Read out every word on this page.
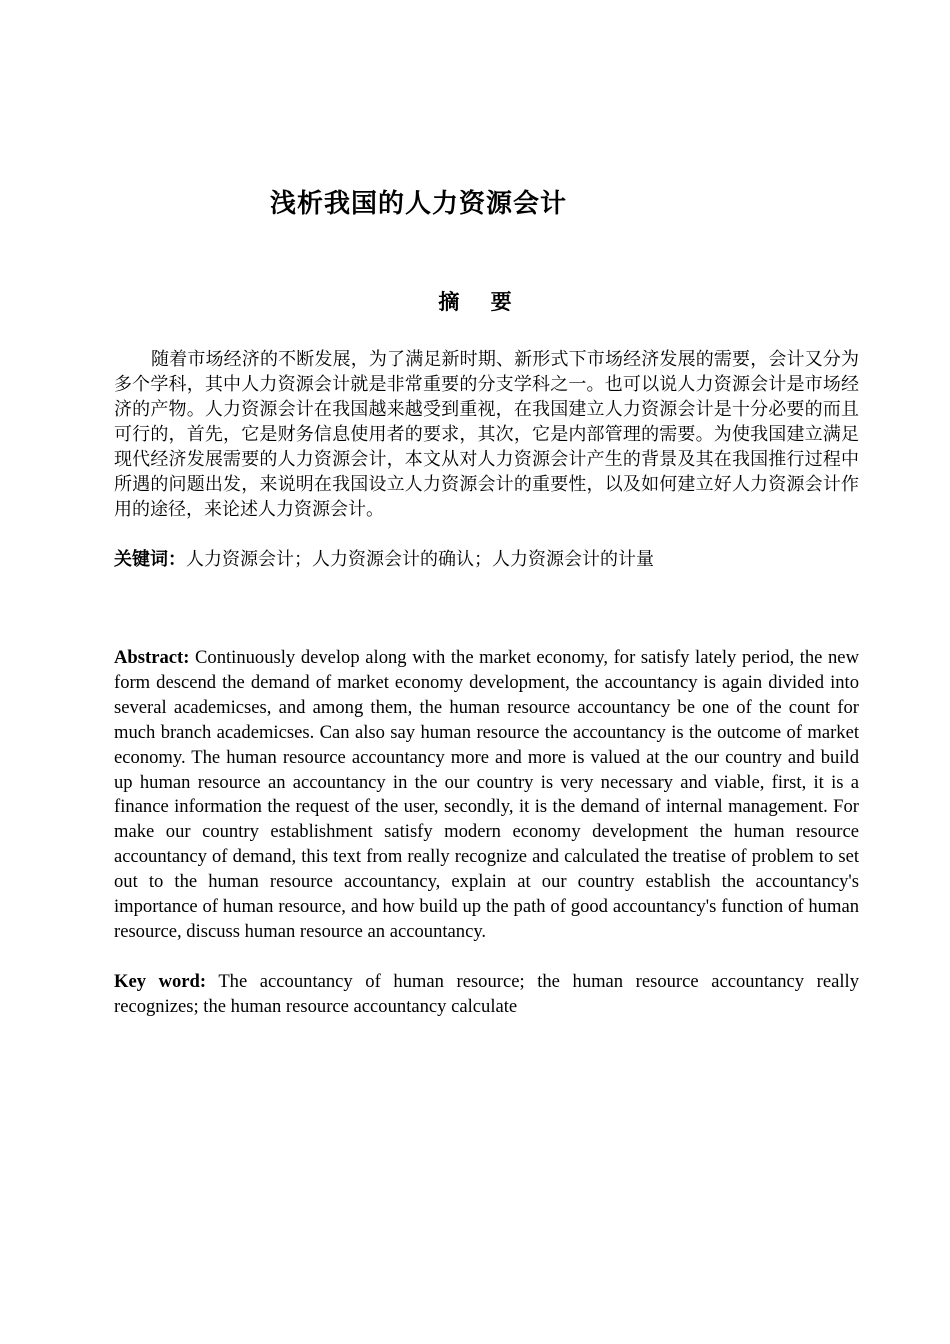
浅析我国的人力资源会计
摘 要

随着市场经济的不断发展，为了满足新时期、新形式下市场经济发展的需要，会计又分为多个学科，其中人力资源会计就是非常重要的分支学科之一。也可以说人力资源会计是市场经济的产物。人力资源会计在我国越来越受到重视，在我国建立人力资源会计是十分必要的而且可行的，首先，它是财务信息使用者的要求，其次，它是内部管理的需要。为使我国建立满足现代经济发展需要的人力资源会计，本文从对人力资源会计产生的背景及其在我国推行过程中所遇的问题出发，来说明在我国设立人力资源会计的重要性，以及如何建立好人力资源会计作用的途径，来论述人力资源会计。

关键词：人力资源会计；人力资源会计的确认；人力资源会计的计量

Abstract: Continuously develop along with the market economy, for satisfy lately period, the new form descend the demand of market economy development, the accountancy is again divided into several academicses, and among them, the human resource accountancy be one of the count for much branch academicses. Can also say human resource the accountancy is the outcome of market economy. The human resource accountancy more and more is valued at the our country and build up human resource an accountancy in the our country is very necessary and viable, first, it is a finance information the request of the user, secondly, it is the demand of internal management. For make our country establishment satisfy modern economy development the human resource accountancy of demand, this text from really recognize and calculated the treatise of problem to set out to the human resource accountancy, explain at our country establish the accountancy's importance of human resource, and how build up the path of good accountancy's function of human resource, discuss human resource an accountancy.

Key word: The accountancy of human resource; the human resource accountancy really recognizes; the human resource accountancy calculate
